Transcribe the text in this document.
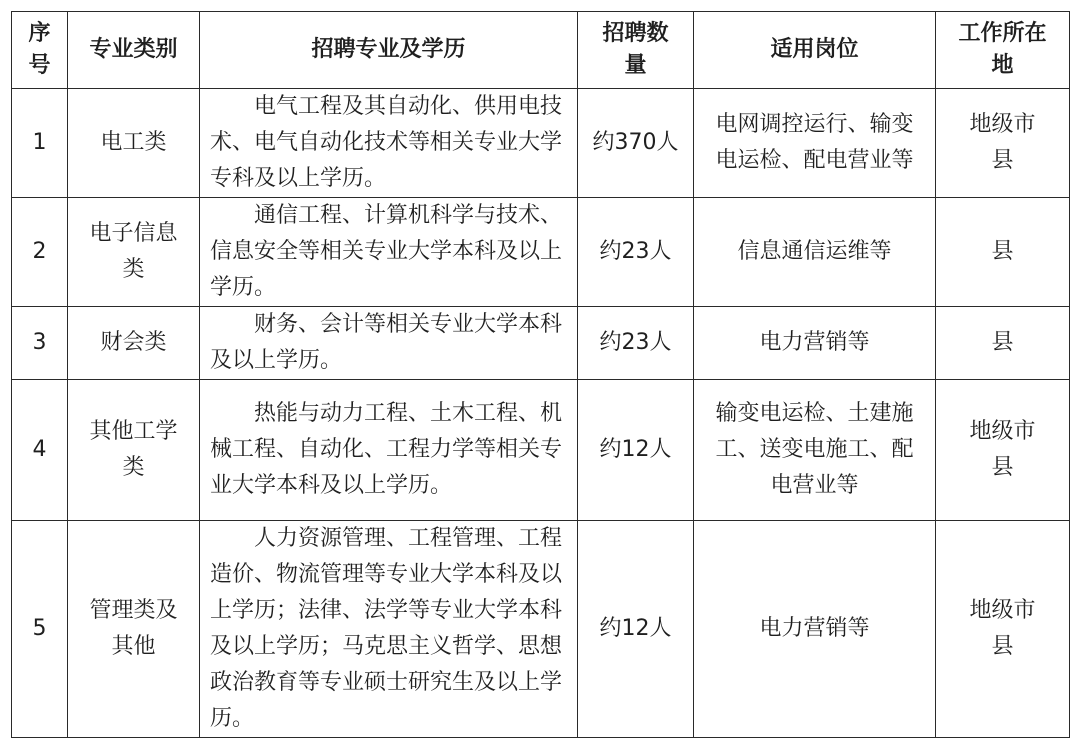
序号	专业类别	招聘专业及学历	招聘数量	适用岗位	工作所在地
1	电工类	电气工程及其自动化、供用电技术、电气自动化技术等相关专业大学专科及以上学历。	约370人	电网调控运行、输变电运检、配电营业等	地级市县
2	电子信息类	通信工程、计算机科学与技术、信息安全等相关专业大学本科及以上学历。	约23人	信息通信运维等	县
3	财会类	财务、会计等相关专业大学本科及以上学历。	约23人	电力营销等	县
4	其他工学类	热能与动力工程、土木工程、机械工程、自动化、工程力学等相关专业大学本科及以上学历。	约12人	输变电运检、土建施工、送变电施工、配电营业等	地级市县
5	管理类及其他	人力资源管理、工程管理、工程造价、物流管理等专业大学本科及以上学历；法律、法学等专业大学本科及以上学历；马克思主义哲学、思想政治教育等专业硕士研究生及以上学历。	约12人	电力营销等	地级市县
